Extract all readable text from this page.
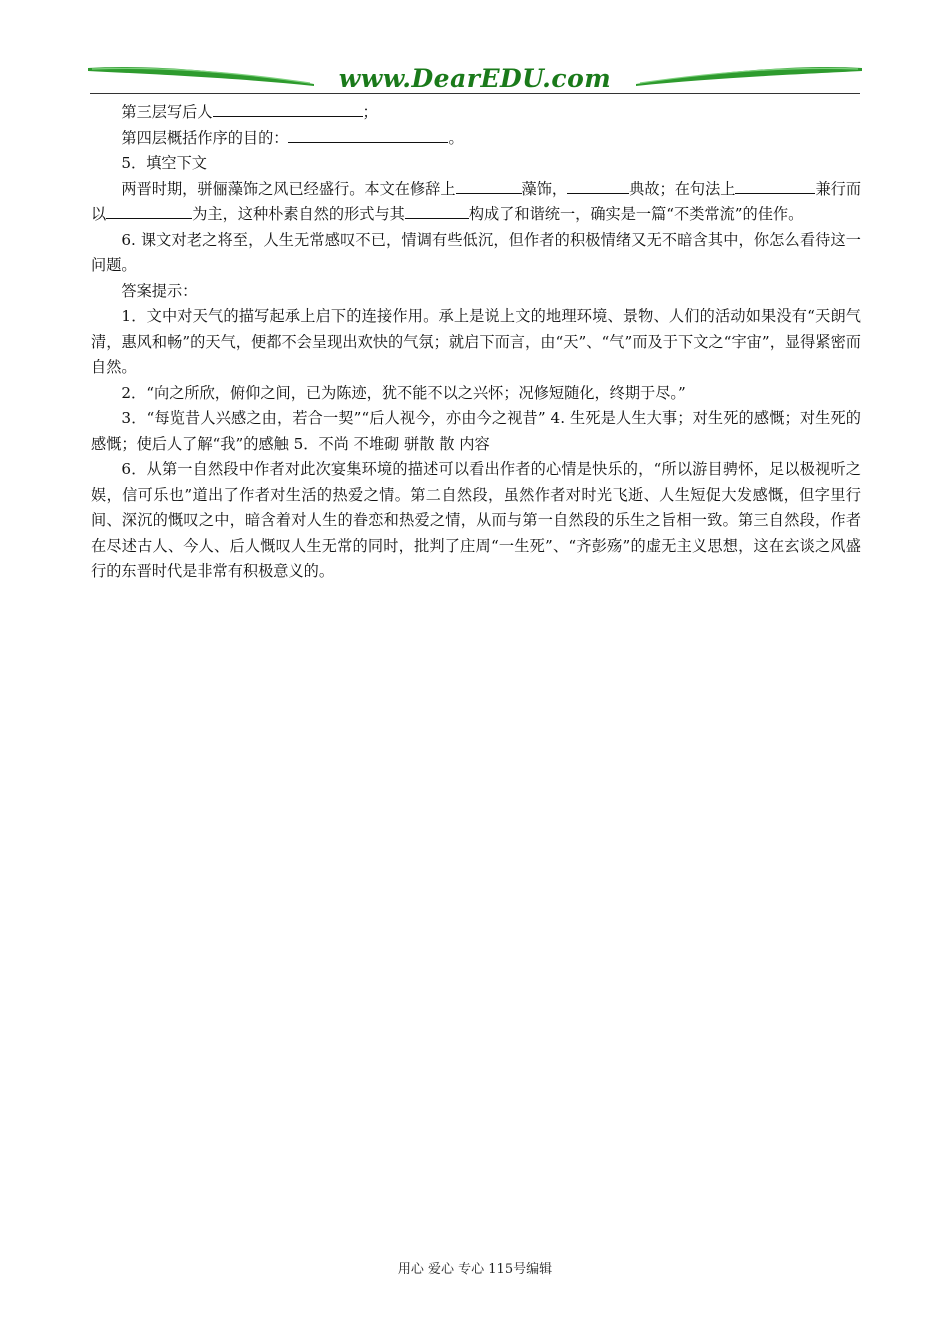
www.DearEDU.com

第三层写后人	；

第四层概括作序的目的：	。

5．填空下文

两晋时期，骈俪藻饰之风已经盛行。本文在修辞上	藻饰，	典故；在句法上	兼行而以	为主，这种朴素自然的形式与其	构成了和谐统一，确实是一篇“不类常流”的佳作。

6. 课文对老之将至，人生无常感叹不已，情调有些低沉，但作者的积极情绪又无不暗含其中，你怎么看待这一问题。

答案提示：

1．文中对天气的描写起承上启下的连接作用。承上是说上文的地理环境、景物、人们的活动如果没有“天朗气清，惠风和畅”的天气，便都不会呈现出欢快的气氛；就启下而言，由“天”、“气”而及于下文之“宇宙”，显得紧密而自然。

2．“向之所欣，俯仰之间，已为陈迹，犹不能不以之兴怀；况修短随化，终期于尽。”

3．“每览昔人兴感之由，若合一契”“后人视今，亦由今之视昔” 4. 生死是人生大事；对生死的感慨；对生死的感慨；使后人了解“我”的感触 5．不尚 不堆砌 骈散 散 内容

6．从第一自然段中作者对此次宴集环境的描述可以看出作者的心情是快乐的，“所以游目骋怀，足以极视听之娱，信可乐也”道出了作者对生活的热爱之情。第二自然段，虽然作者对时光飞逝、人生短促大发感慨，但字里行间、深沉的慨叹之中，暗含着对人生的眷恋和热爱之情，从而与第一自然段的乐生之旨相一致。第三自然段，作者在尽述古人、今人、后人慨叹人生无常的同时，批判了庄周“一生死”、“齐彭殇”的虚无主义思想，这在玄谈之风盛行的东晋时代是非常有积极意义的。

用心 爱心 专心 115号编辑
